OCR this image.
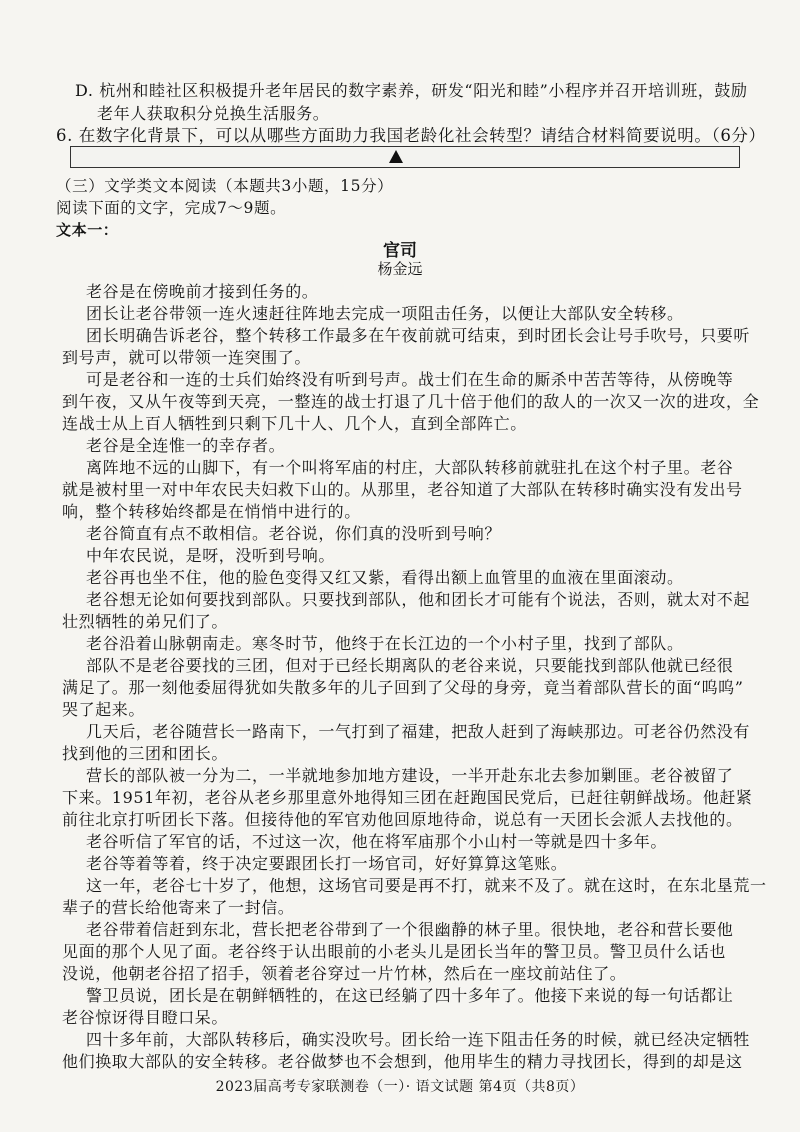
D. 杭州和睦社区积极提升老年居民的数字素养，研发“阳光和睦”小程序并召开培训班，鼓励
老年人获取积分兑换生活服务。
6. 在数字化背景下，可以从哪些方面助力我国老龄化社会转型？请结合材料简要说明。（6分）
（三）文学类文本阅读（本题共3小题，15分）
阅读下面的文字，完成7～9题。
文本一：
官司
杨金远
老谷是在傍晚前才接到任务的。
团长让老谷带领一连火速赶往阵地去完成一项阻击任务，以便让大部队安全转移。
团长明确告诉老谷，整个转移工作最多在午夜前就可结束，到时团长会让号手吹号，只要听
到号声，就可以带领一连突围了。
可是老谷和一连的士兵们始终没有听到号声。战士们在生命的厮杀中苦苦等待，从傍晚等
到午夜，又从午夜等到天亮，一整连的战士打退了几十倍于他们的敌人的一次又一次的进攻，全
连战士从上百人牺牲到只剩下几十人、几个人，直到全部阵亡。
老谷是全连惟一的幸存者。
离阵地不远的山脚下，有一个叫将军庙的村庄，大部队转移前就驻扎在这个村子里。老谷
就是被村里一对中年农民夫妇救下山的。从那里，老谷知道了大部队在转移时确实没有发出号
响，整个转移始终都是在悄悄中进行的。
老谷简直有点不敢相信。老谷说，你们真的没听到号响？
中年农民说，是呀，没听到号响。
老谷再也坐不住，他的脸色变得又红又紫，看得出额上血管里的血液在里面滚动。
老谷想无论如何要找到部队。只要找到部队，他和团长才可能有个说法，否则，就太对不起
壮烈牺牲的弟兄们了。
老谷沿着山脉朝南走。寒冬时节，他终于在长江边的一个小村子里，找到了部队。
部队不是老谷要找的三团，但对于已经长期离队的老谷来说，只要能找到部队他就已经很
满足了。那一刻他委屈得犹如失散多年的儿子回到了父母的身旁，竟当着部队营长的面“呜呜”
哭了起来。
几天后，老谷随营长一路南下，一气打到了福建，把敌人赶到了海峡那边。可老谷仍然没有
找到他的三团和团长。
营长的部队被一分为二，一半就地参加地方建设，一半开赴东北去参加剿匪。老谷被留了
下来。1951年初，老谷从老乡那里意外地得知三团在赶跑国民党后，已赶往朝鲜战场。他赶紧
前往北京打听团长下落。但接待他的军官劝他回原地待命，说总有一天团长会派人去找他的。
老谷听信了军官的话，不过这一次，他在将军庙那个小山村一等就是四十多年。
老谷等着等着，终于决定要跟团长打一场官司，好好算算这笔账。
这一年，老谷七十岁了，他想，这场官司要是再不打，就来不及了。就在这时，在东北垦荒一
辈子的营长给他寄来了一封信。
老谷带着信赶到东北，营长把老谷带到了一个很幽静的林子里。很快地，老谷和营长要他
见面的那个人见了面。老谷终于认出眼前的小老头儿是团长当年的警卫员。警卫员什么话也
没说，他朝老谷招了招手，领着老谷穿过一片竹林，然后在一座坟前站住了。
警卫员说，团长是在朝鲜牺牲的，在这已经躺了四十多年了。他接下来说的每一句话都让
老谷惊讶得目瞪口呆。
四十多年前，大部队转移后，确实没吹号。团长给一连下阻击任务的时候，就已经决定牺牲
他们换取大部队的安全转移。老谷做梦也不会想到，他用毕生的精力寻找团长，得到的却是这
2023届高考专家联测卷（一）· 语文试题 第4页（共8页）
